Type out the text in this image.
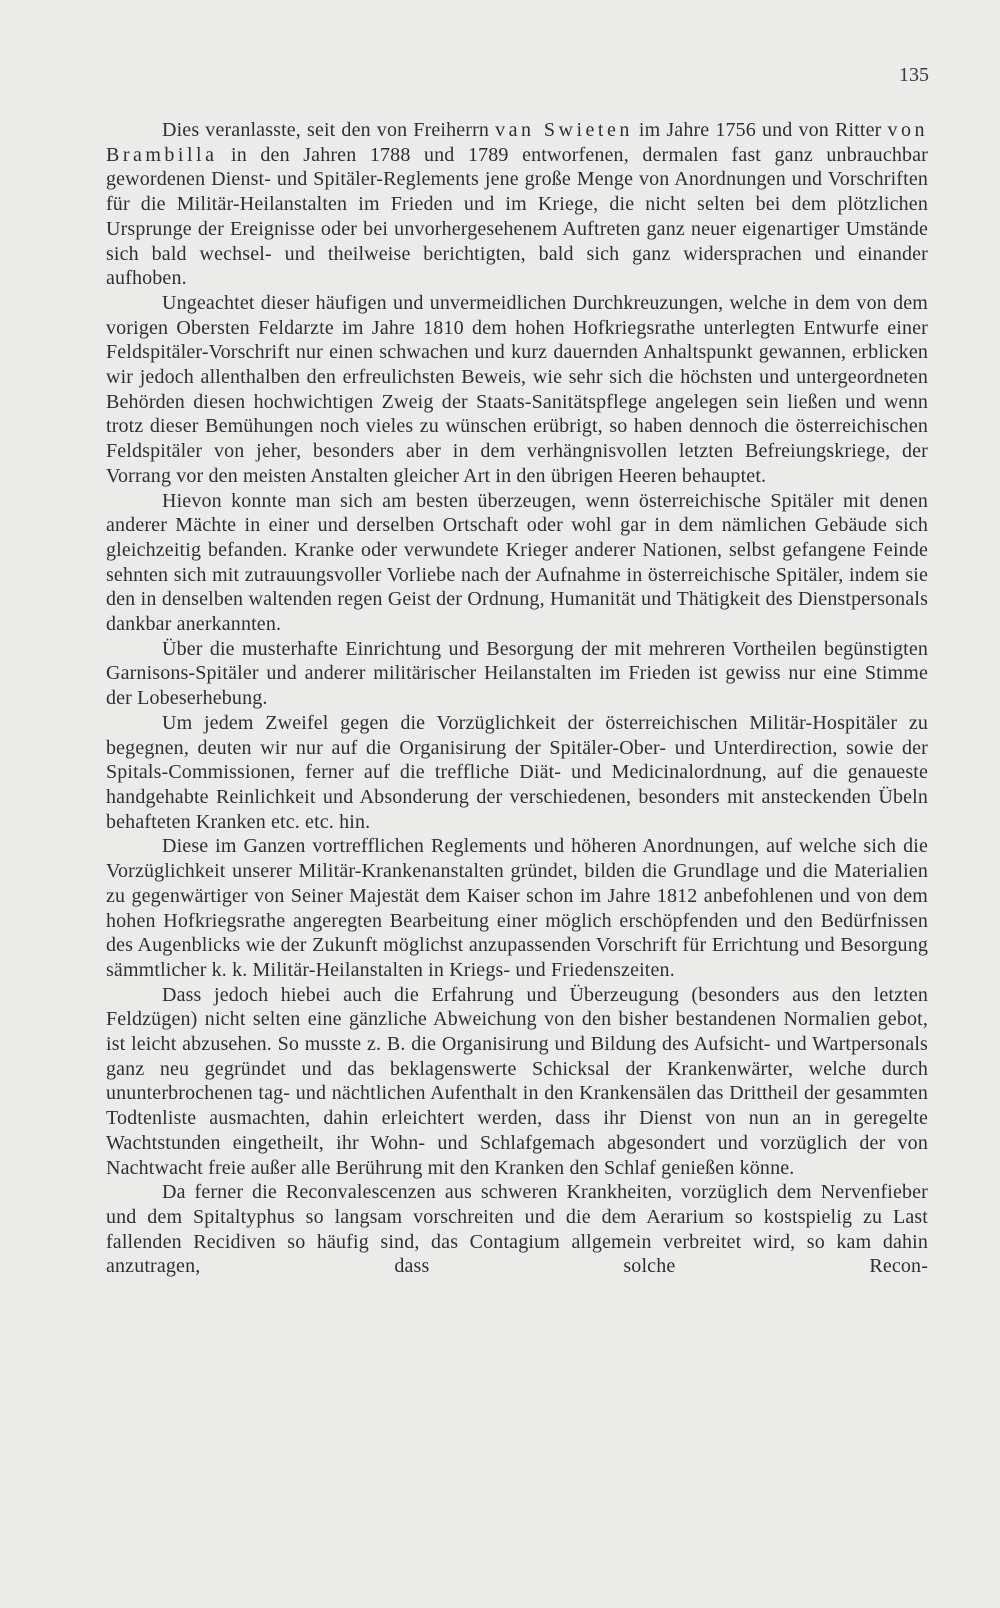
135

Dies veranlasste, seit den von Freiherrn van Swieten im Jahre 1756 und von Ritter von Brambilla in den Jahren 1788 und 1789 entworfenen, dermalen fast ganz unbrauchbar gewordenen Dienst- und Spitäler-Reglements jene große Menge von Anordnungen und Vorschriften für die Militär-Heilanstalten im Frieden und im Kriege, die nicht selten bei dem plötzlichen Ursprunge der Ereignisse oder bei unvorhergesehenem Auftreten ganz neuer eigenartiger Umstände sich bald wechsel- und theilweise berichtigten, bald sich ganz widersprachen und einander aufhoben.

Ungeachtet dieser häufigen und unvermeidlichen Durchkreuzungen, welche in dem von dem vorigen Obersten Feldarzte im Jahre 1810 dem hohen Hofkriegsrathe unterlegten Entwurfe einer Feldspitäler-Vorschrift nur einen schwachen und kurz dauernden Anhaltspunkt gewannen, erblicken wir jedoch allenthalben den erfreulichsten Beweis, wie sehr sich die höchsten und untergeordneten Behörden diesen hochwichtigen Zweig der Staats-Sanitätspflege angelegen sein ließen und wenn trotz dieser Bemühungen noch vieles zu wünschen erübrigt, so haben dennoch die österreichischen Feldspitäler von jeher, besonders aber in dem verhängnisvollen letzten Befreiungskriege, der Vorrang vor den meisten Anstalten gleicher Art in den übrigen Heeren behauptet.

Hievon konnte man sich am besten überzeugen, wenn österreichische Spitäler mit denen anderer Mächte in einer und derselben Ortschaft oder wohl gar in dem nämlichen Gebäude sich gleichzeitig befanden. Kranke oder verwundete Krieger anderer Nationen, selbst gefangene Feinde sehnten sich mit zutrauungsvoller Vorliebe nach der Aufnahme in österreichische Spitäler, indem sie den in denselben waltenden regen Geist der Ordnung, Humanität und Thätigkeit des Dienstpersonals dankbar anerkannten.

Über die musterhafte Einrichtung und Besorgung der mit mehreren Vortheilen begünstigten Garnisons-Spitäler und anderer militärischer Heilanstalten im Frieden ist gewiss nur eine Stimme der Lobeserhebung.

Um jedem Zweifel gegen die Vorzüglichkeit der österreichischen Militär-Hospitäler zu begegnen, deuten wir nur auf die Organisirung der Spitäler-Ober- und Unterdirection, sowie der Spitals-Commissionen, ferner auf die treffliche Diät- und Medicinalordnung, auf die genaueste handgehabte Reinlichkeit und Absonderung der verschiedenen, besonders mit ansteckenden Übeln behafteten Kranken etc. etc. hin.

Diese im Ganzen vortrefflichen Reglements und höheren Anordnungen, auf welche sich die Vorzüglichkeit unserer Militär-Krankenanstalten gründet, bilden die Grundlage und die Materialien zu gegenwärtiger von Seiner Majestät dem Kaiser schon im Jahre 1812 anbefohlenen und von dem hohen Hofkriegsrathe angeregten Bearbeitung einer möglich erschöpfenden und den Bedürfnissen des Augenblicks wie der Zukunft möglichst anzupassenden Vorschrift für Errichtung und Besorgung sämmtlicher k. k. Militär-Heilanstalten in Kriegs- und Friedenszeiten.

Dass jedoch hiebei auch die Erfahrung und Überzeugung (besonders aus den letzten Feldzügen) nicht selten eine gänzliche Abweichung von den bisher bestandenen Normalien gebot, ist leicht abzusehen. So musste z. B. die Organisirung und Bildung des Aufsicht- und Wartpersonals ganz neu gegründet und das beklagenswerte Schicksal der Krankenwärter, welche durch ununterbrochenen tag- und nächtlichen Aufenthalt in den Krankensälen das Drittheil der gesammten Todtenliste ausmachten, dahin erleichtert werden, dass ihr Dienst von nun an in geregelte Wachtstunden eingetheilt, ihr Wohn- und Schlafgemach abgesondert und vorzüglich der von Nachtwacht freie außer alle Berührung mit den Kranken den Schlaf genießen könne.

Da ferner die Reconvalescenzen aus schweren Krankheiten, vorzüglich dem Nervenfieber und dem Spitaltyphus so langsam vorschreiten und die dem Aerarium so kostspielig zu Last fallenden Recidiven so häufig sind, das Contagium allgemein verbreitet wird, so kam dahin anzutragen, dass solche Recon-
